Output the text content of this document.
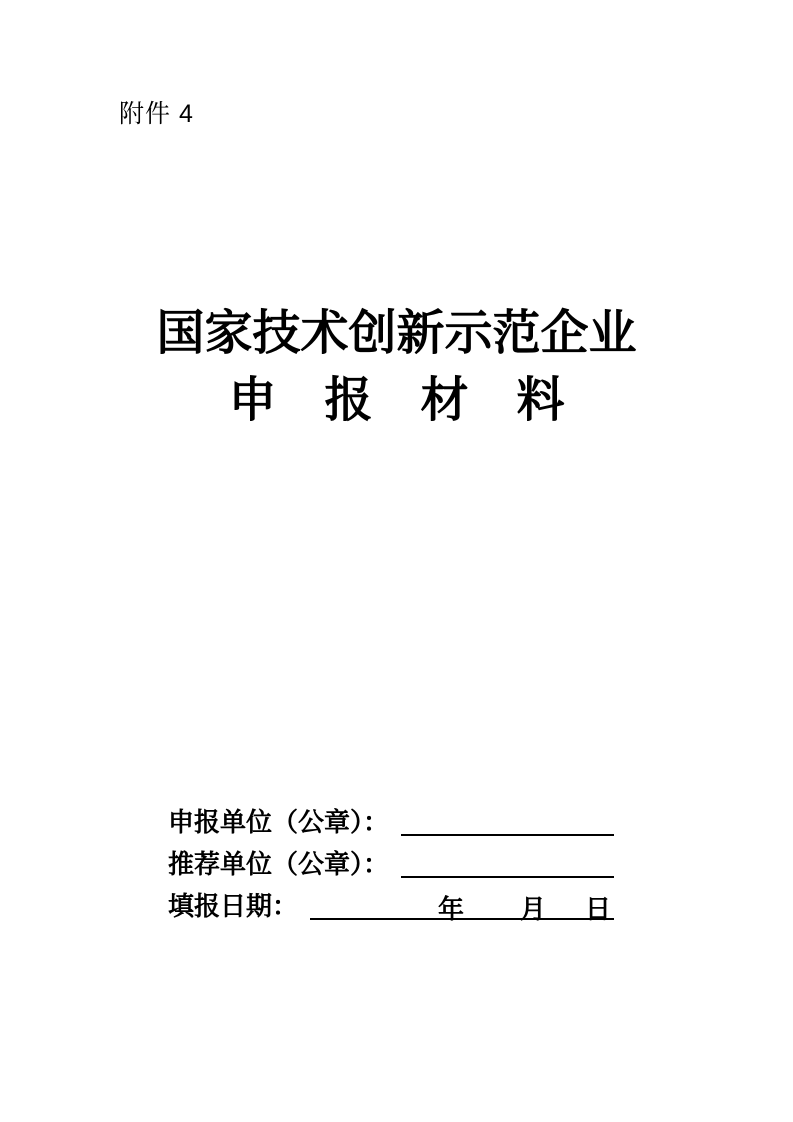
附件 4
国家技术创新示范企业
申　报　材　料
申报单位（公章）：
推荐单位（公章）：
填报日期：	年 月 日
